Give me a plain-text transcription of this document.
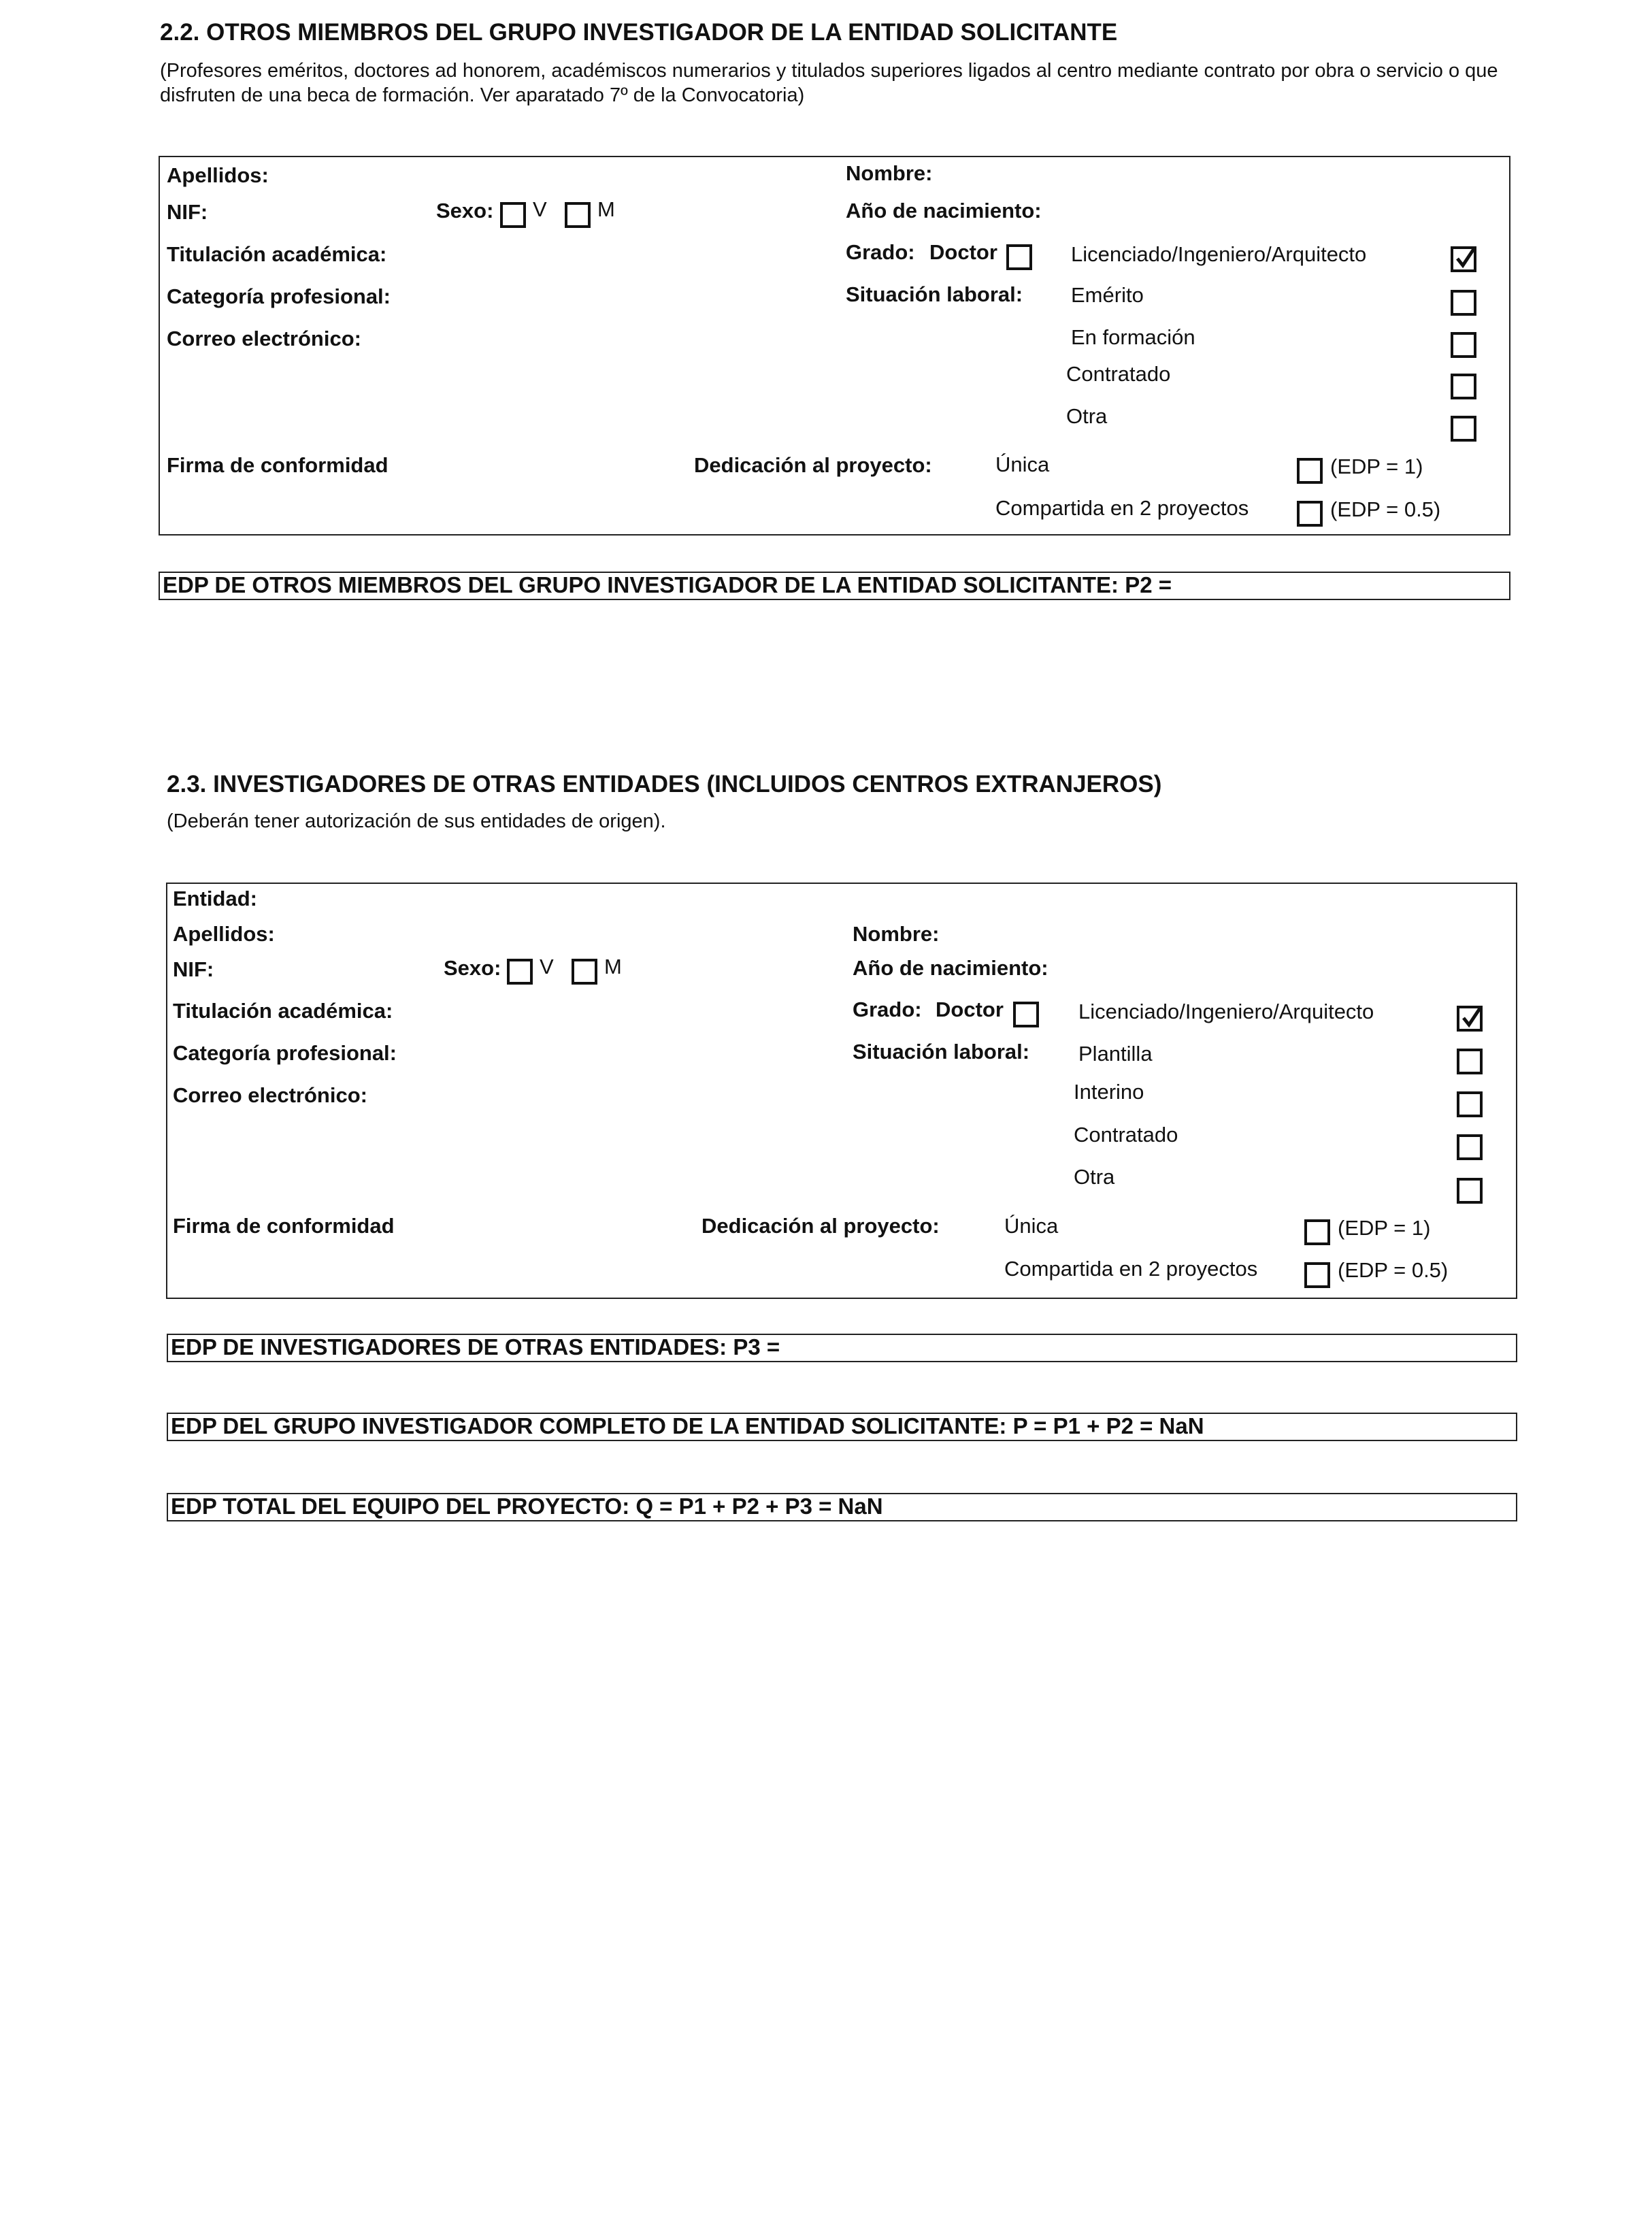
2.2. OTROS MIEMBROS DEL GRUPO INVESTIGADOR DE LA ENTIDAD SOLICITANTE
(Profesores eméritos, doctores ad honorem, académiscos numerarios y titulados superiores ligados al centro mediante contrato por obra o servicio o que disfruten de una beca de formación. Ver aparatado 7º de la Convocatoria)
Apellidos:	Nombre:
NIF:	Sexo: V M	Año de nacimiento:
Titulación académica:	Grado: Doctor	Licenciado/Ingeniero/Arquitecto
Categoría profesional:	Situación laboral: Emérito
Correo electrónico:	En formación
Contratado
Otra
Firma de conformidad	Dedicación al proyecto:	Única	(EDP = 1)
Compartida en 2 proyectos	(EDP = 0.5)
EDP DE OTROS MIEMBROS DEL GRUPO INVESTIGADOR DE LA ENTIDAD SOLICITANTE: P2 =
2.3. INVESTIGADORES DE OTRAS ENTIDADES (INCLUIDOS CENTROS EXTRANJEROS)
(Deberán tener autorización de sus entidades de origen).
Entidad:
Apellidos:	Nombre:
NIF:	Sexo: V M	Año de nacimiento:
Titulación académica:	Grado: Doctor	Licenciado/Ingeniero/Arquitecto
Categoría profesional:	Situación laboral: Plantilla
Correo electrónico:	Interino
Contratado
Otra
Firma de conformidad	Dedicación al proyecto:	Única	(EDP = 1)
Compartida en 2 proyectos	(EDP = 0.5)
EDP DE INVESTIGADORES DE OTRAS ENTIDADES: P3 =
EDP DEL GRUPO INVESTIGADOR COMPLETO DE LA ENTIDAD SOLICITANTE: P = P1 + P2 = NaN
EDP TOTAL DEL EQUIPO DEL PROYECTO: Q = P1 + P2 + P3 = NaN
